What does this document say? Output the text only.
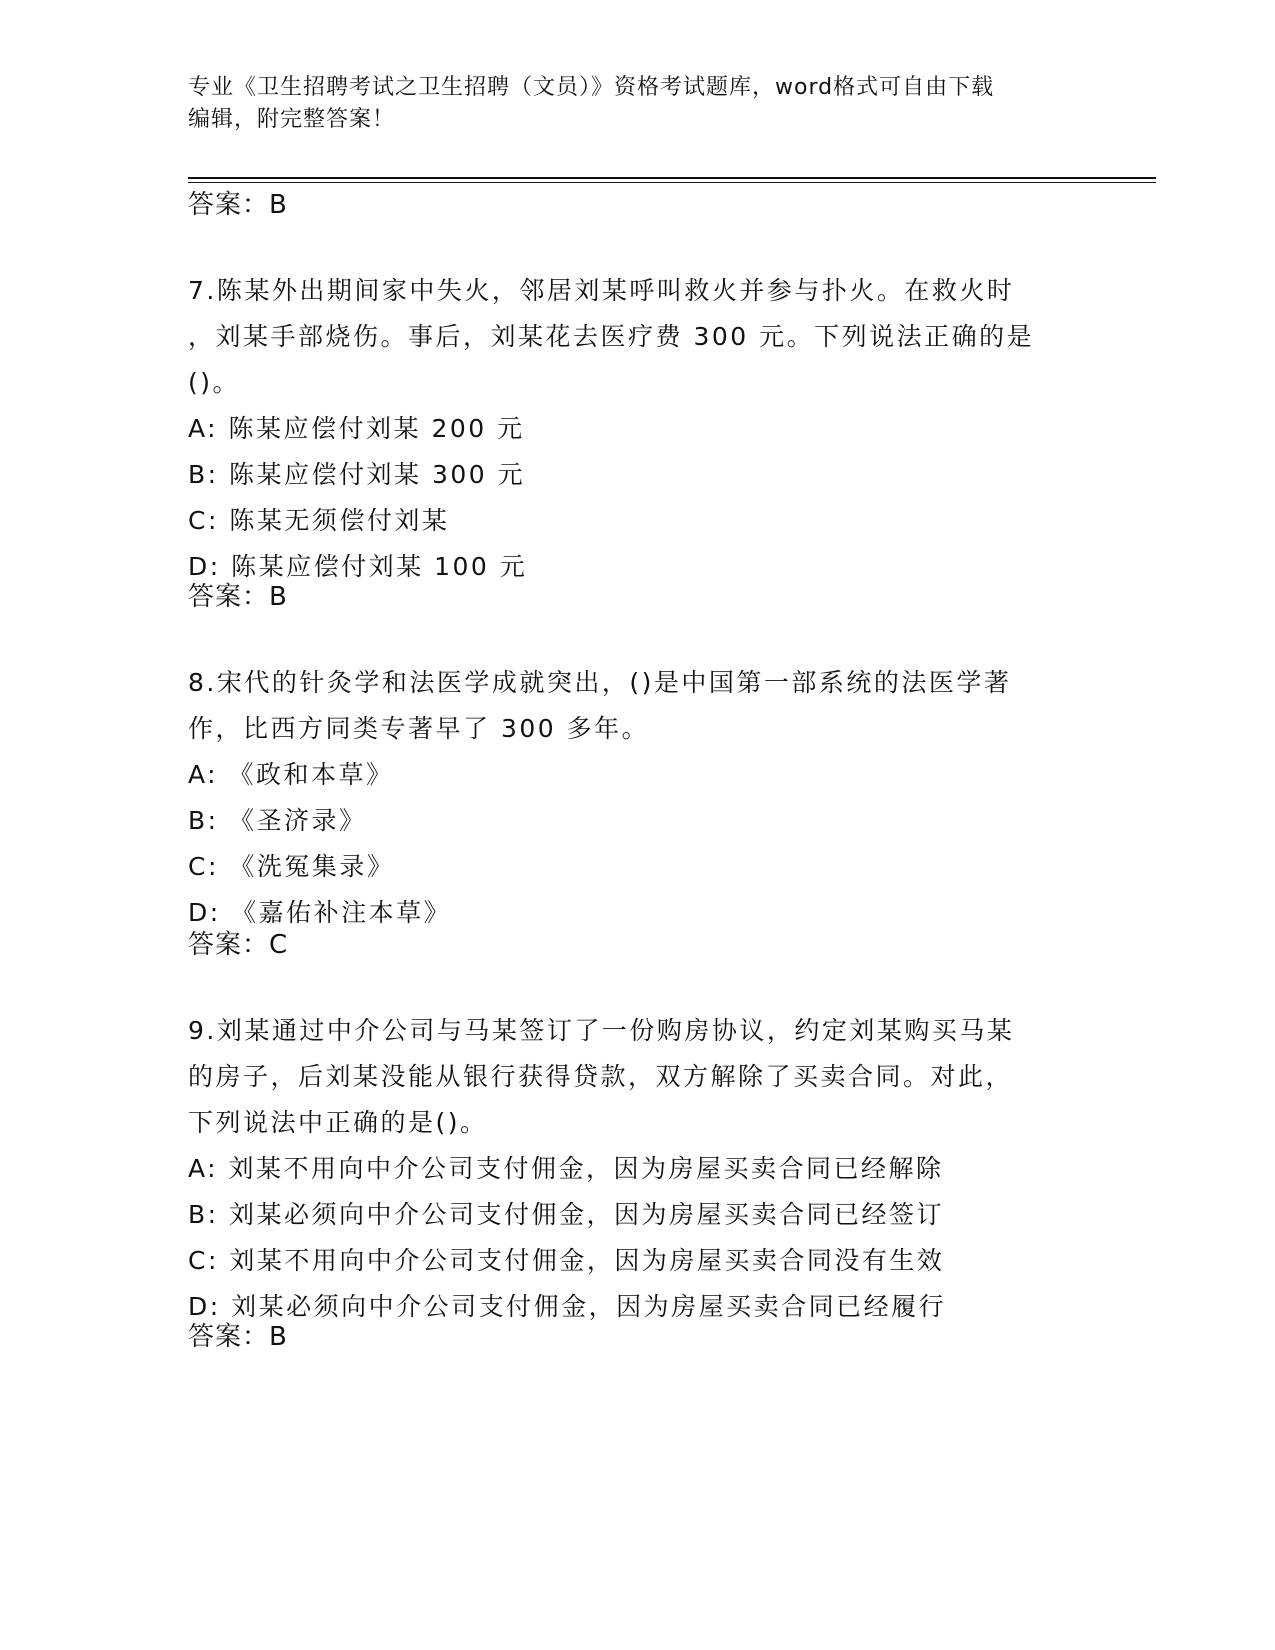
专业《卫生招聘考试之卫生招聘（文员）》资格考试题库，word格式可自由下载
编辑，附完整答案！
答案：B
7.陈某外出期间家中失火，邻居刘某呼叫救火并参与扑火。在救火时
，刘某手部烧伤。事后，刘某花去医疗费 300 元。下列说法正确的是
()。
A: 陈某应偿付刘某 200 元
B: 陈某应偿付刘某 300 元
C: 陈某无须偿付刘某
D: 陈某应偿付刘某 100 元
答案：B
8.宋代的针灸学和法医学成就突出，()是中国第一部系统的法医学著
作，比西方同类专著早了 300 多年。
A: 《政和本草》
B: 《圣济录》
C: 《洗冤集录》
D: 《嘉佑补注本草》
答案：C
9.刘某通过中介公司与马某签订了一份购房协议，约定刘某购买马某
的房子，后刘某没能从银行获得贷款，双方解除了买卖合同。对此，
下列说法中正确的是()。
A: 刘某不用向中介公司支付佣金，因为房屋买卖合同已经解除
B: 刘某必须向中介公司支付佣金，因为房屋买卖合同已经签订
C: 刘某不用向中介公司支付佣金，因为房屋买卖合同没有生效
D: 刘某必须向中介公司支付佣金，因为房屋买卖合同已经履行
答案：B
